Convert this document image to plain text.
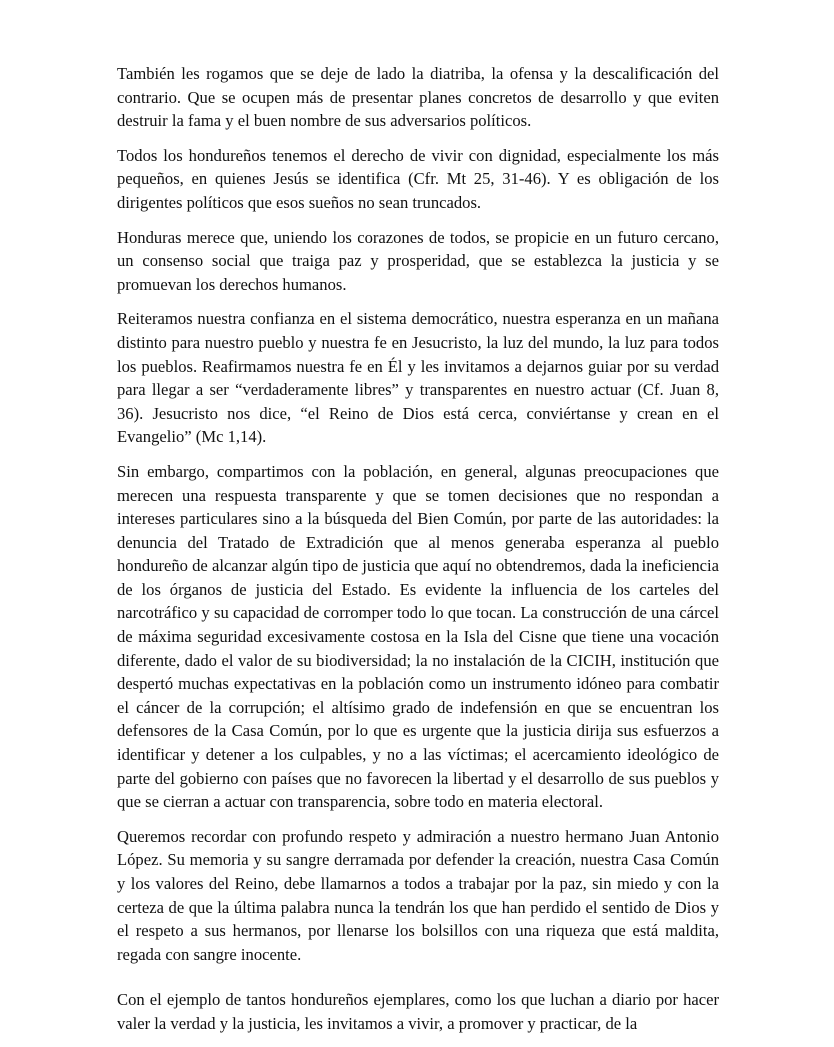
También les rogamos que se deje de lado la diatriba, la ofensa y la descalificación del contrario. Que se ocupen más de presentar planes concretos de desarrollo y que eviten destruir la fama y el buen nombre de sus adversarios políticos.

Todos los hondureños tenemos el derecho de vivir con dignidad, especialmente los más pequeños, en quienes Jesús se identifica (Cfr. Mt 25, 31-46). Y es obligación de los dirigentes políticos que esos sueños no sean truncados.

Honduras merece que, uniendo los corazones de todos, se propicie en un futuro cercano, un consenso social que traiga paz y prosperidad, que se establezca la justicia y se promuevan los derechos humanos.

Reiteramos nuestra confianza en el sistema democrático, nuestra esperanza en un mañana distinto para nuestro pueblo y nuestra fe en Jesucristo, la luz del mundo, la luz para todos los pueblos. Reafirmamos nuestra fe en Él y les invitamos a dejarnos guiar por su verdad para llegar a ser “verdaderamente libres” y transparentes en nuestro actuar (Cf. Juan 8, 36). Jesucristo nos dice, “el Reino de Dios está cerca, conviértanse y crean en el Evangelio” (Mc 1,14).

Sin embargo, compartimos con la población, en general, algunas preocupaciones que merecen una respuesta transparente y que se tomen decisiones que no respondan a intereses particulares sino a la búsqueda del Bien Común, por parte de las autoridades: la denuncia del Tratado de Extradición que al menos generaba esperanza al pueblo hondureño de alcanzar algún tipo de justicia que aquí no obtendremos, dada la ineficiencia de los órganos de justicia del Estado. Es evidente la influencia de los carteles del narcotráfico y su capacidad de corromper todo lo que tocan. La construcción de una cárcel de máxima seguridad excesivamente costosa en la Isla del Cisne que tiene una vocación diferente, dado el valor de su biodiversidad; la no instalación de la CICIH, institución que despertó muchas expectativas en la población como un instrumento idóneo para combatir el cáncer de la corrupción; el altísimo grado de indefensión en que se encuentran los defensores de la Casa Común, por lo que es urgente que la justicia dirija sus esfuerzos a identificar y detener a los culpables, y no a las víctimas; el acercamiento ideológico de parte del gobierno con países que no favorecen la libertad y el desarrollo de sus pueblos y que se cierran a actuar con transparencia, sobre todo en materia electoral.

Queremos recordar con profundo respeto y admiración a nuestro hermano Juan Antonio López. Su memoria y su sangre derramada por defender la creación, nuestra Casa Común y los valores del Reino, debe llamarnos a todos a trabajar por la paz, sin miedo y con la certeza de que la última palabra nunca la tendrán los que han perdido el sentido de Dios y el respeto a sus hermanos, por llenarse los bolsillos con una riqueza que está maldita, regada con sangre inocente.

Con el ejemplo de tantos hondureños ejemplares, como los que luchan a diario por hacer valer la verdad y la justicia, les invitamos a vivir, a promover y practicar, de la
